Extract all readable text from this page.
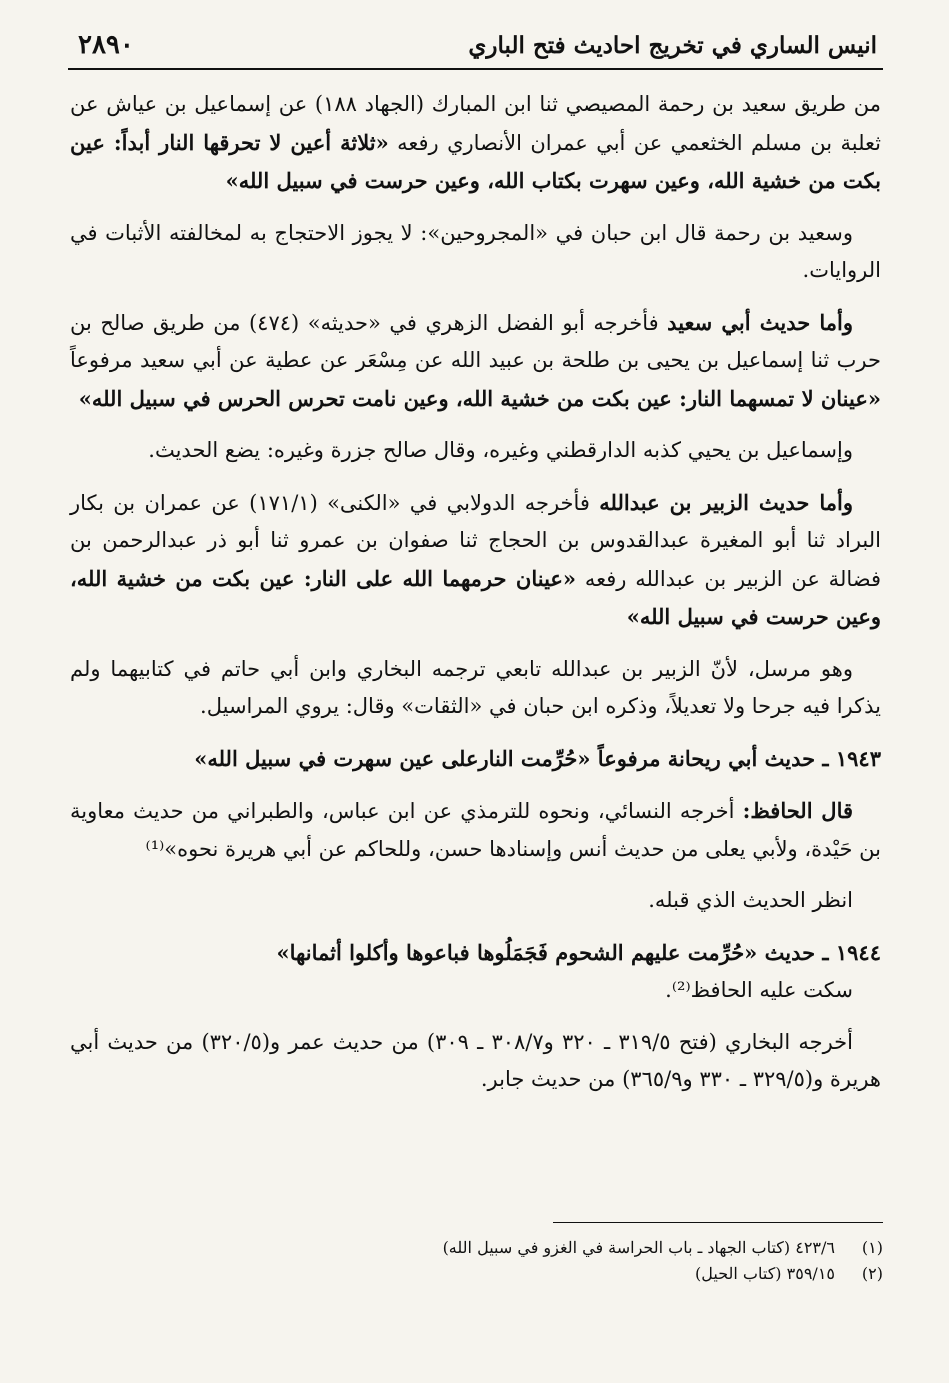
انيس الساري في تخريج احاديث فتح الباري
٢٨٩٠

من طريق سعيد بن رحمة المصيصي ثنا ابن المبارك (الجهاد ١٨٨) عن إسماعيل بن عياش عن ثعلبة بن مسلم الخثعمي عن أبي عمران الأنصاري رفعه «ثلاثة أعين لا تحرقها النار أبداً: عين بكت من خشية الله، وعين سهرت بكتاب الله، وعين حرست في سبيل الله»

وسعيد بن رحمة قال ابن حبان في «المجروحين»: لا يجوز الاحتجاج به لمخالفته الأثبات في الروايات.

وأما حديث أبي سعيد فأخرجه أبو الفضل الزهري في «حديثه» (٤٧٤) من طريق صالح بن حرب ثنا إسماعيل بن يحيى بن طلحة بن عبيد الله عن مِسْعَر عن عطية عن أبي سعيد مرفوعاً «عينان لا تمسهما النار: عين بكت من خشية الله، وعين نامت تحرس الحرس في سبيل الله»

وإسماعيل بن يحيي كذبه الدارقطني وغيره، وقال صالح جزرة وغيره: يضع الحديث.

وأما حديث الزبير بن عبدالله فأخرجه الدولابي في «الكنى» (١٧١/١) عن عمران بن بكار البراد ثنا أبو المغيرة عبدالقدوس بن الحجاج ثنا صفوان بن عمرو ثنا أبو ذر عبدالرحمن بن فضالة عن الزبير بن عبدالله رفعه «عينان حرمهما الله على النار: عين بكت من خشية الله، وعين حرست في سبيل الله»

وهو مرسل، لأنّ الزبير بن عبدالله تابعي ترجمه البخاري وابن أبي حاتم في كتابيهما ولم يذكرا فيه جرحا ولا تعديلاً، وذكره ابن حبان في «الثقات» وقال: يروي المراسيل.

١٩٤٣ ـ حديث أبي ريحانة مرفوعاً «حُرِّمت النارعلى عين سهرت في سبيل الله»

قال الحافظ: أخرجه النسائي، ونحوه للترمذي عن ابن عباس، والطبراني من حديث معاوية بن حَيْدة، ولأبي يعلى من حديث أنس وإسنادها حسن، وللحاكم عن أبي هريرة نحوه»⁽¹⁾

انظر الحديث الذي قبله.

١٩٤٤ ـ حديث «حُرِّمت عليهم الشحوم فَجَمَلُوها فباعوها وأكلوا أثمانها»

سكت عليه الحافظ⁽²⁾.

أخرجه البخاري (فتح ٣١٩/٥ ـ ٣٢٠ و٣٠٨/٧ ـ ٣٠٩) من حديث عمر و(٣٢٠/٥) من حديث أبي هريرة و(٣٢٩/٥ ـ ٣٣٠ و٣٦٥/٩) من حديث جابر.

(١)
٤٢٣/٦ (كتاب الجهاد ـ باب الحراسة في الغزو في سبيل الله)
(٢)
٣٥٩/١٥ (كتاب الحيل)
